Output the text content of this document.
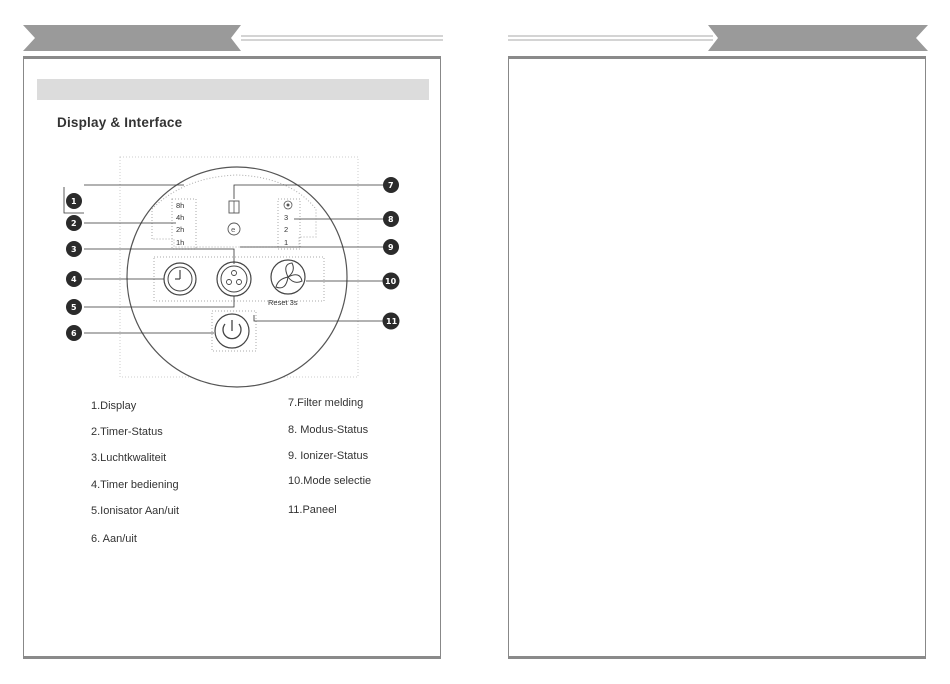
Display & Interface
8h
4h
2h
1h
3
2
1
e
Reset 3s
1
2
3
4
5
6
7
8
9
10
11
1.Display
2.Timer-Status
3.Luchtkwaliteit
4.Timer bediening
5.Ionisator Aan/uit
6. Aan/uit
7.Filter melding
8. Modus-Status
9. Ionizer-Status
10.Mode selectie
11.Paneel
